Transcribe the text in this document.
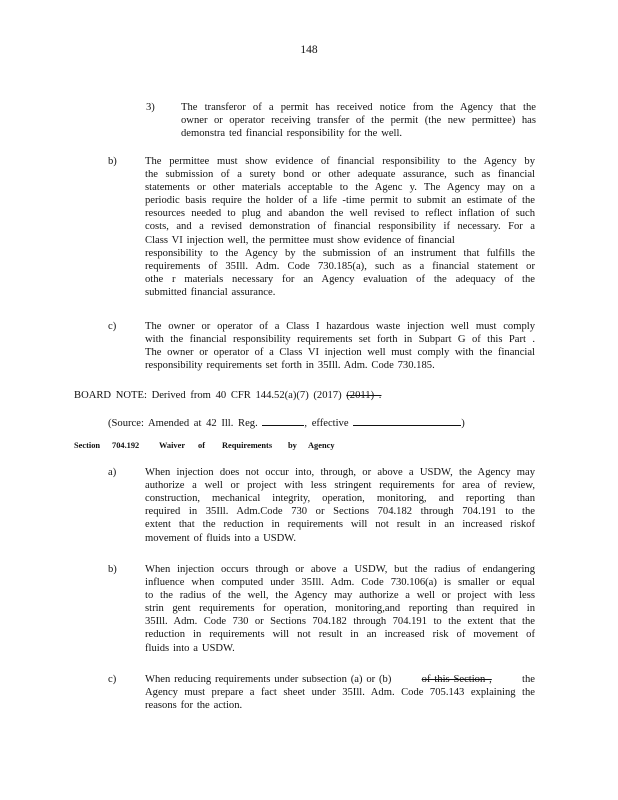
148
3) The transferor of a permit has received notice from the Agency that the
owner or operator receiving transfer of the permit (the new permittee) has
demonstra ted financial responsibility for the well.
b)	The permittee must show evidence of financial responsibility to the Agency by
the submission of a surety bond or other adequate assurance, such as financial
statements or other materials acceptable to the Agenc y. The Agency may on a
periodic basis require the holder of a life -time permit to submit an estimate of the
resources needed to plug and abandon the well revised to reflect inflation of such
costs, and a revised demonstration of financial responsibility if necessary. For a
Class VI injection well, the permittee must show evidence of financial
responsibility to the Agency by the submission of an instrument that fulfills the
requirements of 35Ill. Adm. Code 730.185(a), such as a financial statement or
othe r materials necessary for an Agency evaluation of the adequacy of the
submitted financial assurance.
c)	The owner or operator of a Class I hazardous waste injection well must comply
with the financial responsibility requirements set forth in Subpart G of this Part .
The owner or operator of a Class VI injection well must comply with the financial
responsibility requirements set forth in 35Ill. Adm. Code 730.185.
BOARD NOTE: Derived from 40 CFR 144.52(a)(7) (2017) (2011) .
(Source: Amended at 42 Ill. Reg.	, effective	)
Section 704.192 Waiver of Requirements by Agency
a)	When injection does not occur into, through, or above a USDW, the Agency may
authorize a well or project with less stringent requirements for area of review,
construction, mechanical integrity, operation, monitoring, and reporting than
required in 35Ill. Adm.Code 730 or Sections 704.182 through 704.191 to the
extent that the reduction in requirements will not result in an increased riskof
movement of fluids into a USDW.
b)	When injection occurs through or above a USDW, but the radius of endangering
influence when computed under 35Ill. Adm. Code 730.106(a) is smaller or equal
to the radius of the well, the Agency may authorize a well or project with less
strin gent requirements for operation, monitoring,and reporting than required in
35Ill. Adm. Code 730 or Sections 704.182 through 704.191 to the extent that the
reduction in requirements will not result in an increased risk of movement of
fluids into a USDW.
c)	When reducing requirements under subsection (a) or (b)	of this Section ,	the
Agency must prepare a fact sheet under 35Ill. Adm. Code 705.143 explaining the
reasons for the action.
